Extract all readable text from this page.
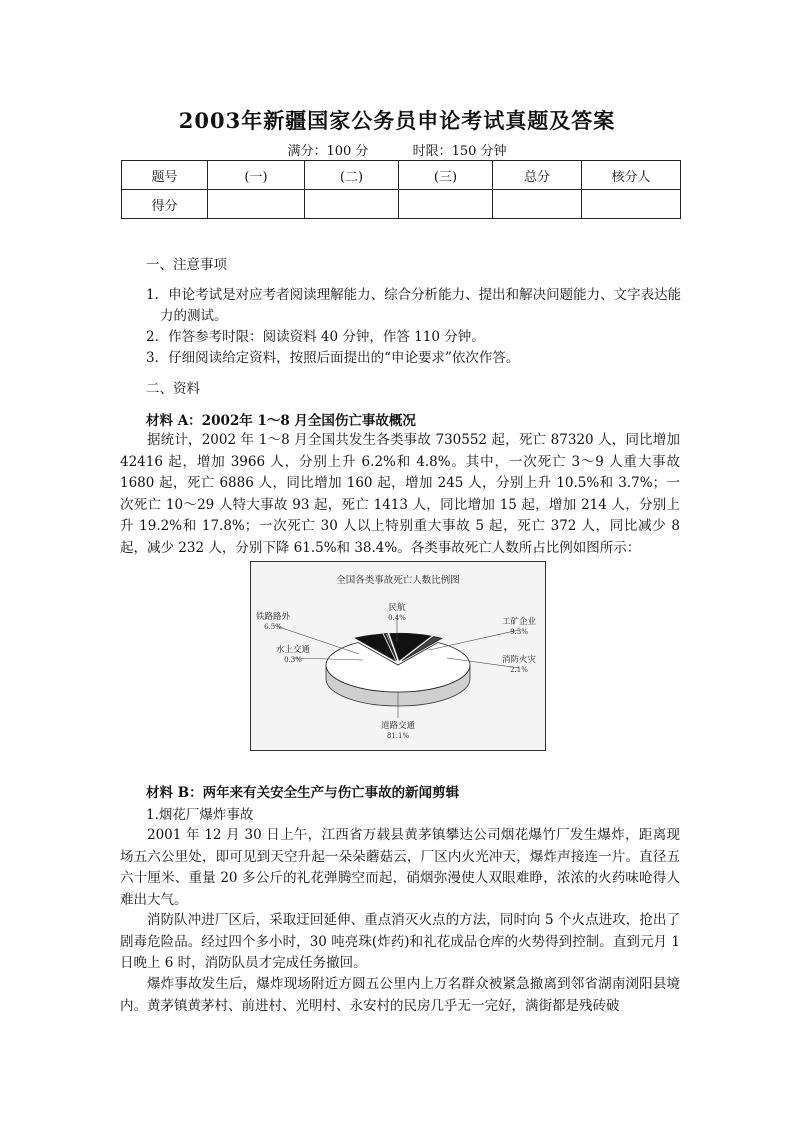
2003年新疆国家公务员申论考试真题及答案
满分：100 分	时限：150 分钟
题号	(一)	(二)	(三)	总分	核分人
得分					
一、注意事项
1．申论考试是对应考者阅读理解能力、综合分析能力、提出和解决问题能力、文字表达能力的测试。
2．作答参考时限：阅读资料 40 分钟，作答 110 分钟。
3．仔细阅读给定资料，按照后面提出的“申论要求”依次作答。
二、资料
材料 A：2002年 1～8 月全国伤亡事故概况
据统计，2002 年 1～8 月全国共发生各类事故 730552 起，死亡 87320 人，同比增加 42416 起，增加 3966 人，分别上升 6.2%和 4.8%。其中，一次死亡 3～9 人重大事故 1680 起，死亡 6886 人，同比增加 160 起，增加 245 人，分别上升 10.5%和 3.7%；一次死亡 10～29 人特大事故 93 起，死亡 1413 人，同比增加 15 起，增加 214 人，分别上升 19.2%和 17.8%；一次死亡 30 人以上特别重大事故 5 起，死亡 372 人，同比减少 8 起，减少 232 人，分别下降 61.5%和 38.4%。各类事故死亡人数所占比例如图所示：
全国各类事故死亡人数比例图
道路交通
81.1%
铁路路外
6.5%
水上交通
0.3%
民航
0.4%	工矿企业
9.3%
消防火灾
2.1%
材料 B：两年来有关安全生产与伤亡事故的新闻剪辑
1.烟花厂爆炸事故
2001 年 12 月 30 日上午，江西省万载县黄茅镇攀达公司烟花爆竹厂发生爆炸，距离现场五六公里处，即可见到天空升起一朵朵蘑菇云，厂区内火光冲天，爆炸声接连一片。直径五六十厘米、重量 20 多公斤的礼花弹腾空而起，硝烟弥漫使人双眼难睁，浓浓的火药味呛得人难出大气。
消防队冲进厂区后，采取迂回延伸、重点消灭火点的方法，同时向 5 个火点进攻，抢出了剧毒危险品。经过四个多小时，30 吨亮珠(炸药)和礼花成品仓库的火势得到控制。直到元月 1 日晚上 6 时，消防队员才完成任务撤回。
爆炸事故发生后，爆炸现场附近方圆五公里内上万名群众被紧急撤离到邻省湖南浏阳县境内。黄茅镇黄茅村、前进村、光明村、永安村的民房几乎无一完好，满街都是残砖破
